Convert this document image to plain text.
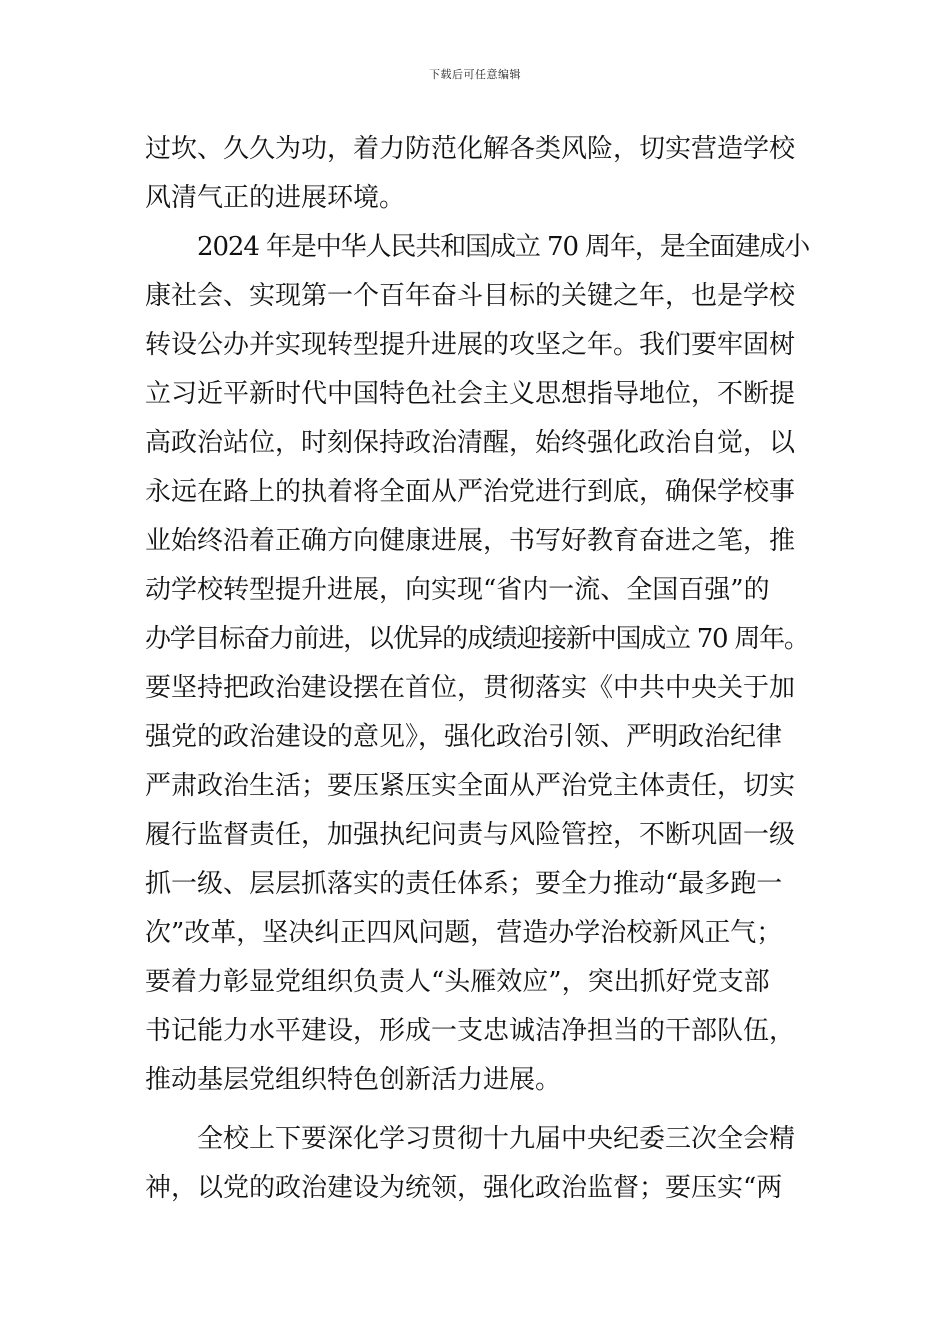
下载后可任意编辑
过坎、久久为功，着力防范化解各类风险，切实营造学校
风清气正的进展环境。
2024 年是中华人民共和国成立 70 周年，是全面建成小
康社会、实现第一个百年奋斗目标的关键之年，也是学校
转设公办并实现转型提升进展的攻坚之年。我们要牢固树
立习近平新时代中国特色社会主义思想指导地位，不断提
高政治站位，时刻保持政治清醒，始终强化政治自觉，以
永远在路上的执着将全面从严治党进行到底，确保学校事
业始终沿着正确方向健康进展，书写好教育奋进之笔，推
动学校转型提升进展，向实现“省内一流、全国百强”的
办学目标奋力前进，以优异的成绩迎接新中国成立 70 周年。
要坚持把政治建设摆在首位，贯彻落实《中共中央关于加
强党的政治建设的意见》，强化政治引领、严明政治纪律
严肃政治生活；要压紧压实全面从严治党主体责任，切实
履行监督责任，加强执纪问责与风险管控，不断巩固一级
抓一级、层层抓落实的责任体系；要全力推动“最多跑一
次”改革，坚决纠正四风问题，营造办学治校新风正气；
要着力彰显党组织负责人“头雁效应”，突出抓好党支部
书记能力水平建设，形成一支忠诚洁净担当的干部队伍，
推动基层党组织特色创新活力进展。
全校上下要深化学习贯彻十九届中央纪委三次全会精
神，以党的政治建设为统领，强化政治监督；要压实“两
